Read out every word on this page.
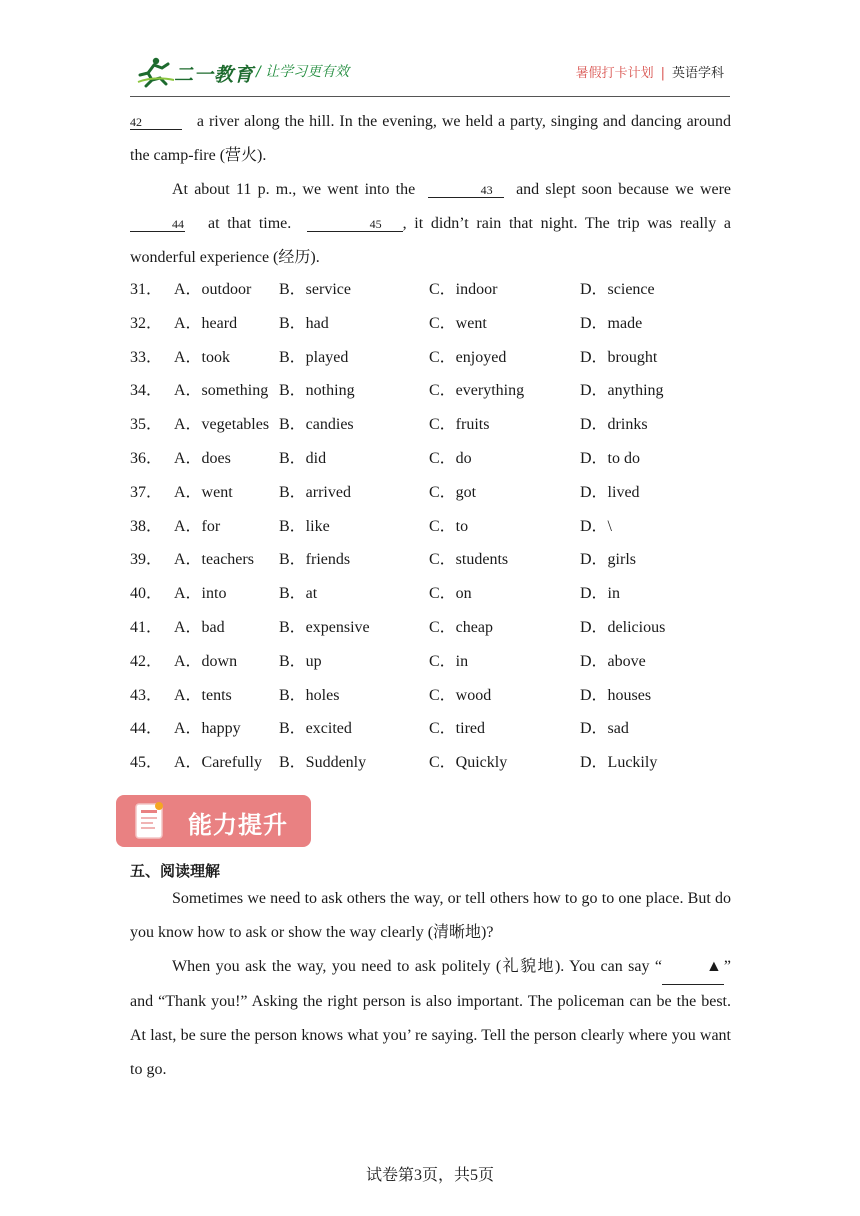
二一教育 / 让学习更有效	暑假打卡计划 | 英语学科
42	a river along the hill. In the evening, we held a party, singing and dancing around the camp-fire (营火).
At about 11 p. m., we went into the	43 and slept soon because we were 44 at that time.	45 , it didn’t rain that night. The trip was really a wonderful experience (经历).
31． A．outdoor B．service	C．indoor	D．science
32． A．heard	B．had	C．went	D．made
33． A．took	B．played	C．enjoyed	D．brought
34． A．something B．nothing	C．everything	D．anything
35． A．vegetables B．candies	C．fruits	D．drinks
36． A．does	B．did	C．do	D．to do
37． A．went	B．arrived	C．got	D．lived
38． A．for	B．like	C．to	D．\
39． A．teachers B．friends	C．students	D．girls
40． A．into	B．at	C．on	D．in
41． A．bad	B．expensive	C．cheap	D．delicious
42． A．down	B．up	C．in	D．above
43． A．tents	B．holes	C．wood	D．houses
44． A．happy B．excited	C．tired	D．sad
45． A．Carefully B．Suddenly	C．Quickly	D．Luckily
能力提升
五、阅读理解
Sometimes we need to ask others the way, or tell others how to go to one place. But do you know how to ask or show the way clearly (清晰地)?
When you ask the way, you need to ask politely (礼貌地). You can say “	▲ ” and “Thank you!” Asking the right person is also important. The policeman can be the best. At last, be sure the person knows what you’ re saying. Tell the person clearly where you want to go.
试卷第3页，共5页
